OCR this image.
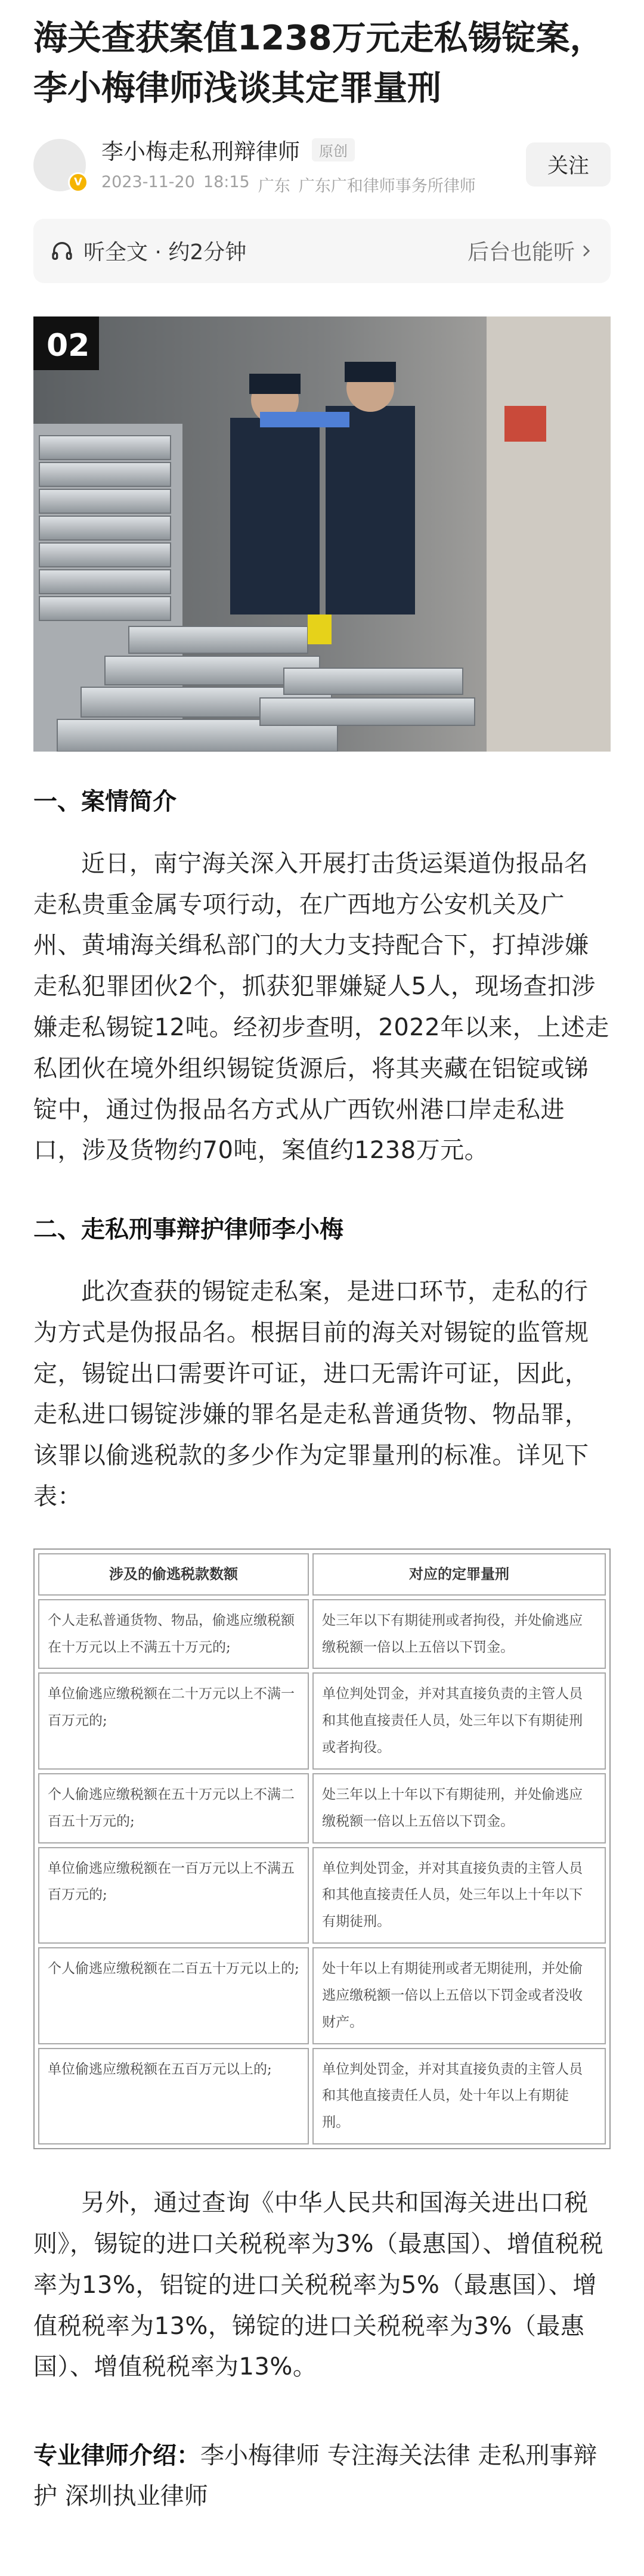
海关查获案值1238万元走私锡锭案，李小梅律师浅谈其定罪量刑
V
李小梅走私刑辩律师	原创
2023-11-20 18:15 广东 广东广和律师事务所律师
关注
听全文 · 约2分钟	后台也能听
02
一、案情简介

近日，南宁海关深入开展打击货运渠道伪报品名走私贵重金属专项行动，在广西地方公安机关及广州、黄埔海关缉私部门的大力支持配合下，打掉涉嫌走私犯罪团伙2个，抓获犯罪嫌疑人5人，现场查扣涉嫌走私锡锭12吨。经初步查明，2022年以来，上述走私团伙在境外组织锡锭货源后，将其夹藏在铝锭或锑锭中，通过伪报品名方式从广西钦州港口岸走私进口，涉及货物约70吨，案值约1238万元。

二、走私刑事辩护律师李小梅

此次查获的锡锭走私案，是进口环节，走私的行为方式是伪报品名。根据目前的海关对锡锭的监管规定，锡锭出口需要许可证，进口无需许可证，因此，走私进口锡锭涉嫌的罪名是走私普通货物、物品罪，该罪以偷逃税款的多少作为定罪量刑的标准。详见下表：

涉及的偷逃税款数额	对应的定罪量刑
个人走私普通货物、物品，偷逃应缴税额在十万元以上不满五十万元的;	处三年以下有期徒刑或者拘役，并处偷逃应缴税额一倍以上五倍以下罚金。
单位偷逃应缴税额在二十万元以上不满一百万元的;	单位判处罚金，并对其直接负责的主管人员和其他直接责任人员，处三年以下有期徒刑或者拘役。
个人偷逃应缴税额在五十万元以上不满二百五十万元的;	处三年以上十年以下有期徒刑，并处偷逃应缴税额一倍以上五倍以下罚金。
单位偷逃应缴税额在一百万元以上不满五百万元的;	单位判处罚金，并对其直接负责的主管人员和其他直接责任人员，处三年以上十年以下有期徒刑。
个人偷逃应缴税额在二百五十万元以上的;	处十年以上有期徒刑或者无期徒刑，并处偷逃应缴税额一倍以上五倍以下罚金或者没收财产。
单位偷逃应缴税额在五百万元以上的;	单位判处罚金，并对其直接负责的主管人员和其他直接责任人员，处十年以上有期徒刑。

另外，通过查询《中华人民共和国海关进出口税则》，锡锭的进口关税税率为3%（最惠国）、增值税税率为13%，铝锭的进口关税税率为5%（最惠国）、增值税税率为13%，锑锭的进口关税税率为3%（最惠国）、增值税税率为13%。

专业律师介绍：李小梅律师 专注海关法律 走私刑事辩护 深圳执业律师
